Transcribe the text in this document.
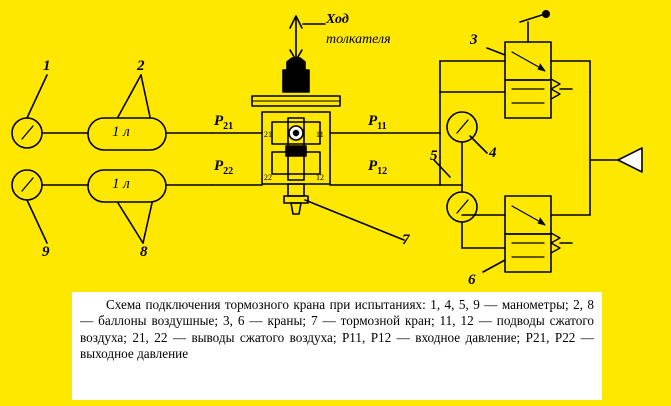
1	2
3
4
5
6
7
8
9
$P_{21}$
$P_{22}$
$P_{11}$
$P_{12}$
21	11
22	12
1 л
1 л
Ход
толкателя

Схема подключения тормозного крана при испытаниях: 1, 4, 5, 9 — манометры; 2, 8 — баллоны воздушные; 3, 6 — краны; 7 — тормозной кран; 11, 12 — подводы сжатого воздуха; 21, 22 — выводы сжатого воздуха; Р11, Р12 — входное давление; Р21, Р22 — выходное давление
